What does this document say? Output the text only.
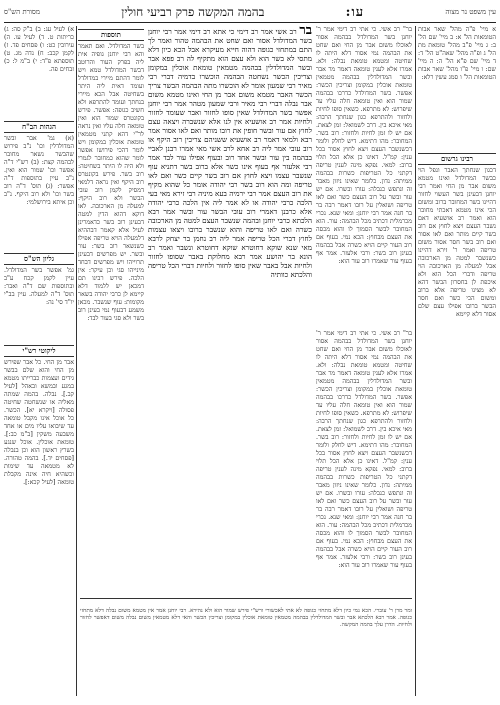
עין משפט נר מצוה
עו:
בהמה המקשה פרק רביעי חולין
מסורת הש"ס

א מיי' פ"ה מהל' שאר אבות הטומאות הל' א: ב מיי' שם הל' ב: ג מיי' פ"ב מהל' טומאת מת הל' ג ופ"ה מהל' שאה"ט הל' ד: ד מיי' שם פ"א הל' ה: ה מיי' שם: ו מיי' פ"ו מהל' שאר אבות הטומאות הל' ו סמג עשין רלא:

רבינו גרשום

דכגון שנחתך האבר ונפל הוי כבשר המדולדל ואינו מטמא משום אבר מן החי ואמר רבי יוחנן דבעינן בשר העשוי לחזור דהיינו בשר המחובר ברוב ומשום הכי אינו מטמא דאכתי מחובר הוא ואמר רב אושעיא דאם נשבר העצם ויצא לחוץ אם רוב בשר קיים מותר ואם לאו אסור ואם רוב בשר חסר אסור משום טריפה ואמר ר' זירא דהיינו כשנשבר למטה מן הארכובה אבל למעלה מן הארכובה הוי טריפה ודברי הכל הוא ולא איכפת לן בחסרון הבשר דהא לא מצינו טריפה אלא ברוב ומשום הכי כשר ואם חסר הבשר ברובו אפילו עצם שלם אסור דלא קיימא

בר" רב אשי. כי אתי רב דימי אמר ר' יוחנן בשר המדולדל בבהמה אסור לאוכלו משום אבר מן החי ואם שחט את הבהמה נמי אסור דלא היתה לו שחיטה ומטמא טומאת נבלה: ולא. אמרו אלא לענין טומאה דאמר מר אבר ובשר המדולדלין בבהמה מטמאין טומאת אוכלין במקומן וצריכין הכשר: אפשר. בשר המדולדל כדרכו בבהמה שמור הוא ואין טומאה חלה עליו עד שיפרוש: לא מתרפא. כשאין סופו לחיות ולחזור ולהתרפא כגון שנחתך הרבה: מאי איכא בין. דרב לשמואל: זמן לצאת. אם יש לו זמן לחיות ולחזור: רוב בשר. המחובר: מהו דתימא. דיש לחלק ולומר דכשנשבר העצם ויצא לחוץ אסור בכל ענין: קמ"ל. דאינו כן אלא הכל תלוי ברוב: למאי. נפקא מינה לענין טריפה דקתני כל הטריפות כשרות בבהמה ממיתה: נדון. כלומר שאינו ניזון מאבר זה ונתפש כנבלה: עורו ובשרו. אם יש עור ובשר על רוב העצם כשר ואם לאו טריפה ושואלין על רובו דאמר רבה בר בר חנה אמר רבי יוחנן: ומאי שנא. נכרי מכרמלית דכתיב מכל הבהמה: עור. הוא המחובר לבשר הסמוך לו והוא מכסה את העצם מבחוץ: הכא נמי. בעוף אם רוב העור קיים הויא כשרה אבל בבהמה בעינן רוב בשר: ורבי אלעזר. אמר אף בעוף עור שאמרו רוב עור הוא:

בר רב אשי אמר רב דימי כי אתא רב דימי אמר רבי יוחנן בשר המדולדל אסור ואם שחט את הבהמה טהור ואמר לך התם במתחזי כגופה דהוה חייא מעיקרא אבל הכא כיון דלא מתסי לא בשר הוא ולא עצם הוא מתקיף לה רב פפא אבר ובשר המדולדלין בבהמה מטמאין טומאת אוכלין במקומן וצריכין הכשר נשחטה הבהמה הוכשרו בדמיה דברי רבי מאיר רבי שמעון אומר לא הוכשרו מתה הבהמה הבשר צריך הכשר האבר מטמא משום אבר מן החי ואינו מטמא משום אבר נבלה דברי רבי מאיר ורבי שמעון מטהר אמר רבי יוחנן אפשר בשר המדולדל שאין סופו לחזור ואבר שעומד לחזור ולחיות אמר רב אושעיא אין לנו אלא שנשברה ויצאה עצם לחוץ אם עור ובשר חופין את רובו מותר ואם לאו אסור אמר רבא ולמאי דאמר רב אושעיא ששניהם צריכין רוב היקף או רוב עובי אמר ליה רב אחא לרב אשי מאי אמרו רבנן לאביי בבהמה בין עור ובשר אחד רוב ובעוף אפילו עור לבד אמר רבי אלעזר אף בעוף אינו כשר אלא ברוב בשר דתניא עוף שנשבר עצמו ויצא לחוץ אם רוב בשר קיים כשר ואם לאו טריפה ומה הוא רוב בשר רבי יהודה אומר כל שהוא מקיף את רוב העצם אמר רבי ירמיה בעא מיניה רבי זירא מאי בעי הלכה כרבי יהודה או לא אמר ליה אין הלכה כרבי יהודה אלא כרבנן דאמרי רוב עובי הבשר עור ובשר אמר רבא הלכתא כרבי יוחנן ובהמה שנשבר העצם למטה מן הארכובה כשרה ואם לאו טריפה והוא שנשבר ברובו ויצאו עצמות לחוץ דברי הכל טריפה אמר ליה רב נחמן בר יצחק לרבא מאי שנא שוקא דחוטרא שוקא דחוטרא ונשבר ואמר רב הונא בר יהושע אמר רבא מחלוקת באבר שסופו לחזור ולחיות אבל באבר שאין סופו לחזור ולחיות דברי הכל טריפה והלכתא כוותיה

תוספות

בשר המדולדל. ואם תאמר והא רבי יוחנן גופיה אית ליה בפרק העור והרוטב דבשר המדולדל טמא ויש לומר דהתם מיירי במדולדל ועומד דאית ליה היתר בשחיטה אבל הכא מיירי בנחתך ועומד להתרפא ולא חשיב כגופה: אפשר. פירש בקונטרס שמור הוא ואין טומאה חלה עליו ואין נראה לר"י דהא קתני מטמאין טומאת אוכלין במקומן ויש לומר דהכי פירושו אפשר לומר שהוא כמחובר לגמרי ולא היה לו היתר בשחיטה: רוב בשר. פירש בקונטרס רוב היקף ואין נראה דלמאי דמסיק לקמן רוב עובי הבשר ולא רוב היקף: למעלה מן הארכובה. לאו דוקא דהוא הדין למטה דבעינן רוב בשר כדאמרינן לעיל אלא קאמר דבההיא דלמעלה הויא טריפה אפילו כשנשאר רוב בשר: עור ובשר. יש מפרשים דבעינן תרוייהו ויש מפרשים דבחד מינייהו סגי וכן עיקר: אין הלכה. פירש רבינו תם דמכאן יש ללמוד דלא קיימא לן כרבי יהודה בשאר מקומות: עוף שנשבר. מכאן משמע דבעוף נמי בעינן רוב בשר ולא סגי בעור לבד:

בר" רב אשי. כי אתי רב דימי אמר ר' יוחנן בשר המדולדל בבהמה אסור לאוכלו משום אבר מן החי ואם שחט את הבהמה נמי אסור דלא היתה לו שחיטה ומטמא טומאת נבלה: ולא. אמרו אלא לענין טומאה דאמר מר אבר ובשר המדולדלין בבהמה מטמאין טומאת אוכלין במקומן וצריכין הכשר: אפשר. בשר המדולדל כדרכו בבהמה שמור הוא ואין טומאה חלה עליו עד שיפרוש: לא מתרפא. כשאין סופו לחיות ולחזור ולהתרפא כגון שנחתך הרבה: מאי איכא בין. דרב לשמואל: זמן לצאת. אם יש לו זמן לחיות ולחזור: רוב בשר. המחובר: מהו דתימא. דיש לחלק ולומר דכשנשבר העצם ויצא לחוץ אסור בכל ענין: קמ"ל. דאינו כן אלא הכל תלוי ברוב: למאי. נפקא מינה לענין טריפה דקתני כל הטריפות כשרות בבהמה ממיתה: נדון. כלומר שאינו ניזון מאבר זה ונתפש כנבלה: עורו ובשרו. אם יש עור ובשר על רוב העצם כשר ואם לאו טריפה ושואלין על רובו דאמר רבה בר בר חנה אמר רבי יוחנן: ומאי שנא. נכרי מכרמלית דכתיב מכל הבהמה: עור. הוא המחובר לבשר הסמוך לו והוא מכסה את העצם מבחוץ: הכא נמי. בעוף אם רוב העור קיים הויא כשרה אבל בבהמה בעינן רוב בשר: ורבי אלעזר. אמר אף בעוף עור שאמרו רוב עור הוא:

א) לעיל עג: ב) ב"ק סה: ג) כריתות ט. ד) לעיל עו. ה) עירובין כט: ו) פסחים פד. ז) לקמן קכב: ח) נדה מג. ט) תוספתא פ"ד: י) ב"מ ל: כ) זבחים פה.

הגהות הב"ח

(א) גמ' אבר ובשר המדולדלין וכו' נ"ב פירוש שהבשר נשאר מחובר לבהמה קצת: (ב) רש"י ד"ה אפשר וכו' שמור הוא ואין. נ"ב עיין בתוספות ד"ה אפשר: (ג) תוס' ד"ה רוב בשר וכו' ולא רוב היקף. נ"ב וכן איתא בירושלמי:

גליון הש"ס

גמ' אפשר בשר המדולדל. עיין לקמן קכח ע"ב ובתוספות שם ד"ה ואבר: תוס' ד"ה למעלה. עיין בב"י יו"ד סי' נה:

ליקוטי רש"י

אבר מן החי. כל אבר שפירש מן החי והוא שלם בבשר גידים ועצמות כברייתו מטמא במגע ובמשא ובאהל [לעיל קב.]. נבלה. בהמה שמתה מאליה או שנשחטה שחיטה פסולה [ויקרא יא]. הכשר. כל אוכל אינו מקבל טומאה עד שיבואו עליו מים או אחד משבעה משקין [ב"מ כב:]. טומאת אוכלין. אוכל שנגע בשרץ ראשון הוא וכן בנבלה [פסחים יד.]. בהמה טהורה. לא מטמאה עד שימות וכשהיא חיה אינה מקבלת טומאה [לעיל קכא:].

ומר מרן ר' עוברי. הכא נמי כיון דלא מתחזי כגופה לא אתי לאכשורי ורש"י פירש שמור הוא ולא נהירא. רבי יוחנן אמר אין מטמא משום נבלה דלא מתחזי כגופה. אמר רבא הלכתא אבר ובשר המדולדלין בבהמה מטמאין טומאת אוכלין במקומן וצריכין הכשר והאי דלא מטמאין משום נבלה משום דאפשר לחזור ולחיות. הדרן עלך בהמה המקשה.
